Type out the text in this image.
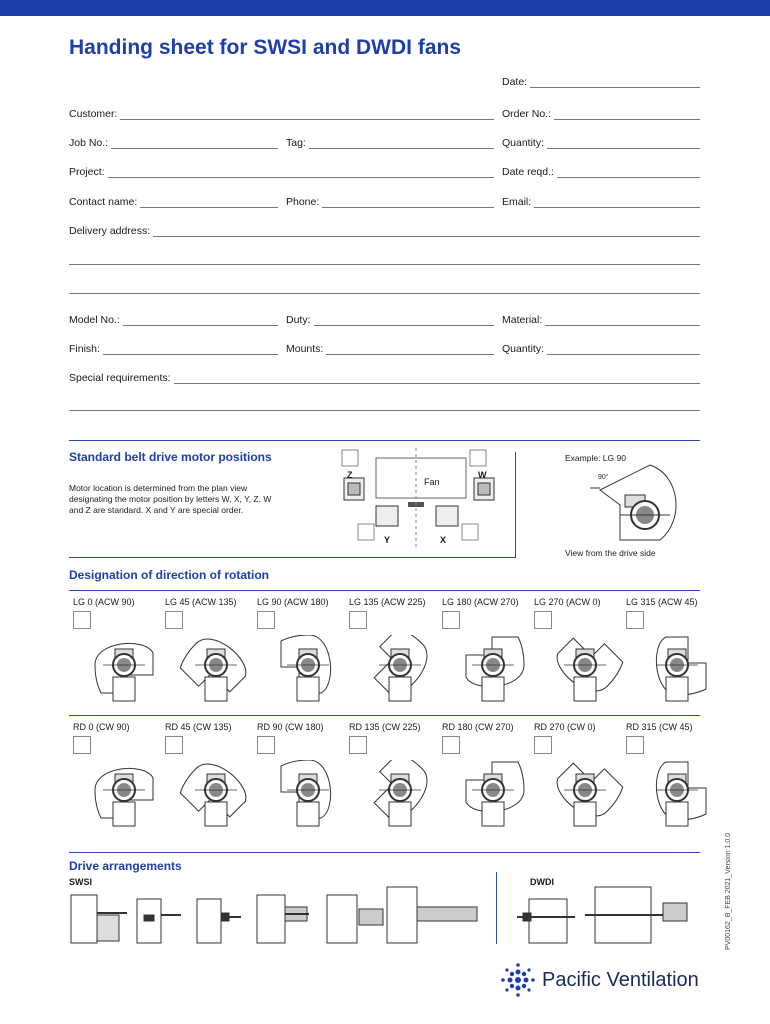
Handing sheet for SWSI and DWDI fans
Date:
Customer:	Order No.:
Job No.:	Tag:	Quantity:
Project:	Date reqd.:
Contact name:	Phone:	Email:
Delivery address:
Model No.:	Duty:	Material:
Finish:	Mounts:	Quantity:
Special requirements:
Standard belt drive motor positions
Motor location is determined from the plan view designating the motor position by letters W, X, Y, Z. W and Z are standard. X and Y are special order.
Z	W
Fan
Y	X
Example: LG 90
90°
View from the drive side
Designation of direction of rotation
LG 0 (ACW 90)	LG 45 (ACW 135) LG 90 (ACW 180) LG 135 (ACW 225) LG 180 (ACW 270) LG 270 (ACW 0)	LG 315 (ACW 45)
RD 0 (CW 90)	RD 45 (CW 135)	RD 90 (CW 180)	RD 135 (CW 225) RD 180 (CW 270) RD 270 (CW 0)	RD 315 (CW 45)
Drive arrangements
SWSI	DWDI	PV00162_B_FEB 2021_Version 1.0.0
Pacific Ventilation
